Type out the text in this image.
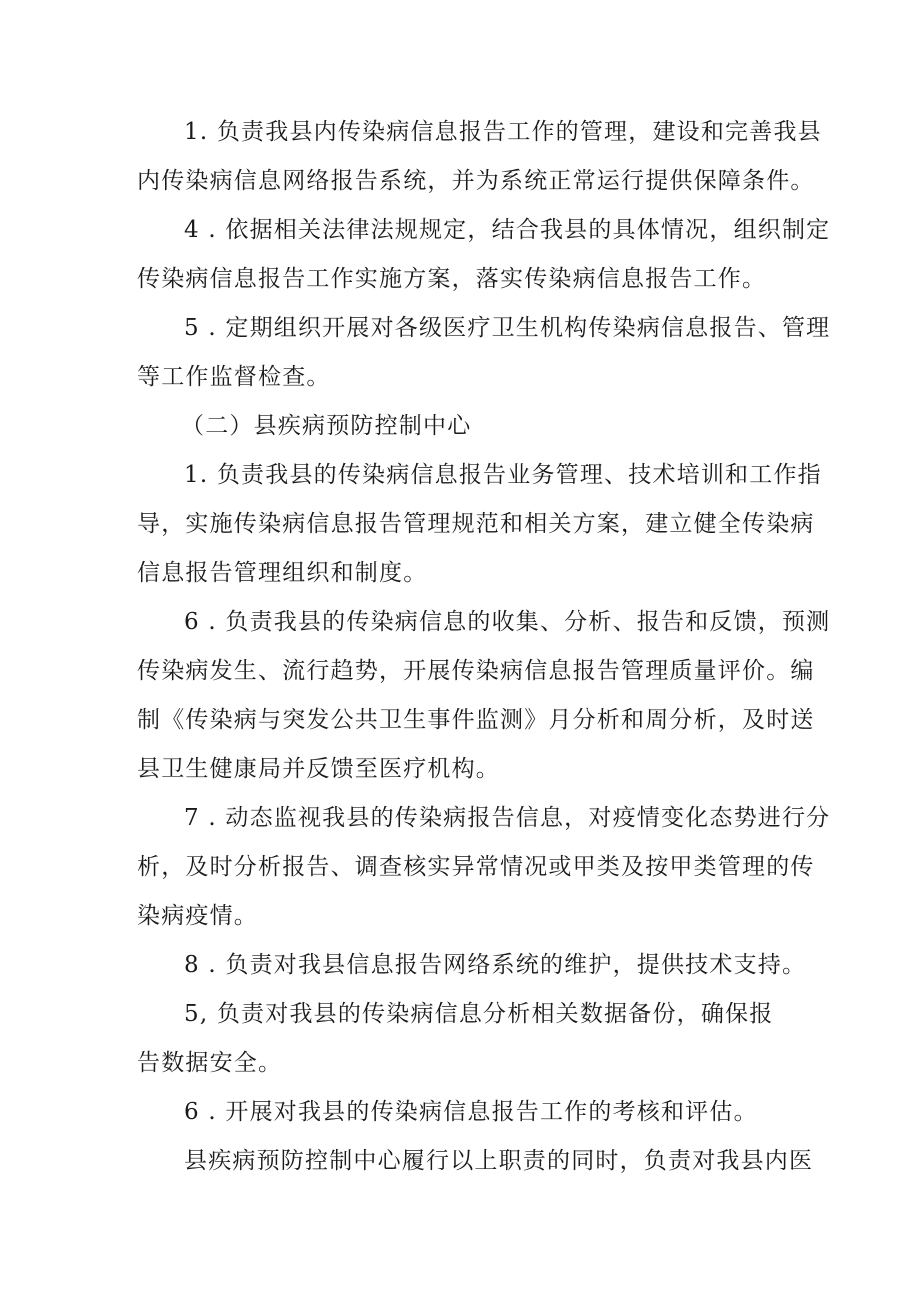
1. 负责我县内传染病信息报告工作的管理，建设和完善我县
内传染病信息网络报告系统，并为系统正常运行提供保障条件。
4 . 依据相关法律法规规定，结合我县的具体情况，组织制定
传染病信息报告工作实施方案，落实传染病信息报告工作。
5 . 定期组织开展对各级医疗卫生机构传染病信息报告、管理
等工作监督检查。
（二）县疾病预防控制中心
1. 负责我县的传染病信息报告业务管理、技术培训和工作指
导，实施传染病信息报告管理规范和相关方案，建立健全传染病
信息报告管理组织和制度。
6 . 负责我县的传染病信息的收集、分析、报告和反馈，预测
传染病发生、流行趋势，开展传染病信息报告管理质量评价。编
制《传染病与突发公共卫生事件监测》月分析和周分析，及时送
县卫生健康局并反馈至医疗机构。
7 . 动态监视我县的传染病报告信息，对疫情变化态势进行分
析，及时分析报告、调查核实异常情况或甲类及按甲类管理的传
染病疫情。
8 . 负责对我县信息报告网络系统的维护，提供技术支持。
5, 负责对我县的传染病信息分析相关数据备份，确保报
告数据安全。
6 . 开展对我县的传染病信息报告工作的考核和评估。
县疾病预防控制中心履行以上职责的同时，负责对我县内医
